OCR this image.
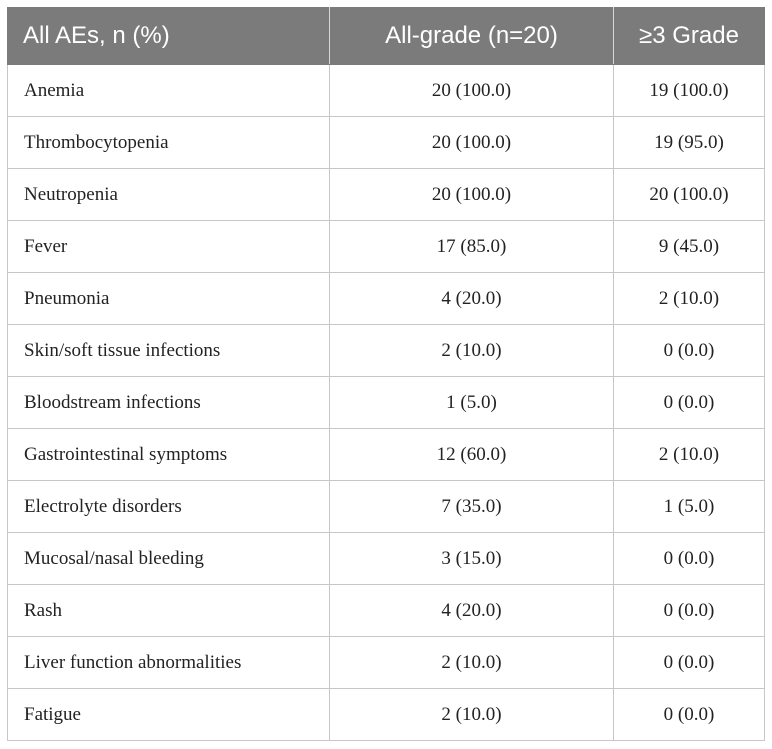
All AEs, n (%)	All-grade (n=20)	≥3 Grade
Anemia	20 (100.0)	19 (100.0)
Thrombocytopenia	20 (100.0)	19 (95.0)
Neutropenia	20 (100.0)	20 (100.0)
Fever	17 (85.0)	9 (45.0)
Pneumonia	4 (20.0)	2 (10.0)
Skin/soft tissue infections	2 (10.0)	0 (0.0)
Bloodstream infections	1 (5.0)	0 (0.0)
Gastrointestinal symptoms	12 (60.0)	2 (10.0)
Electrolyte disorders	7 (35.0)	1 (5.0)
Mucosal/nasal bleeding	3 (15.0)	0 (0.0)
Rash	4 (20.0)	0 (0.0)
Liver function abnormalities	2 (10.0)	0 (0.0)
Fatigue	2 (10.0)	0 (0.0)
